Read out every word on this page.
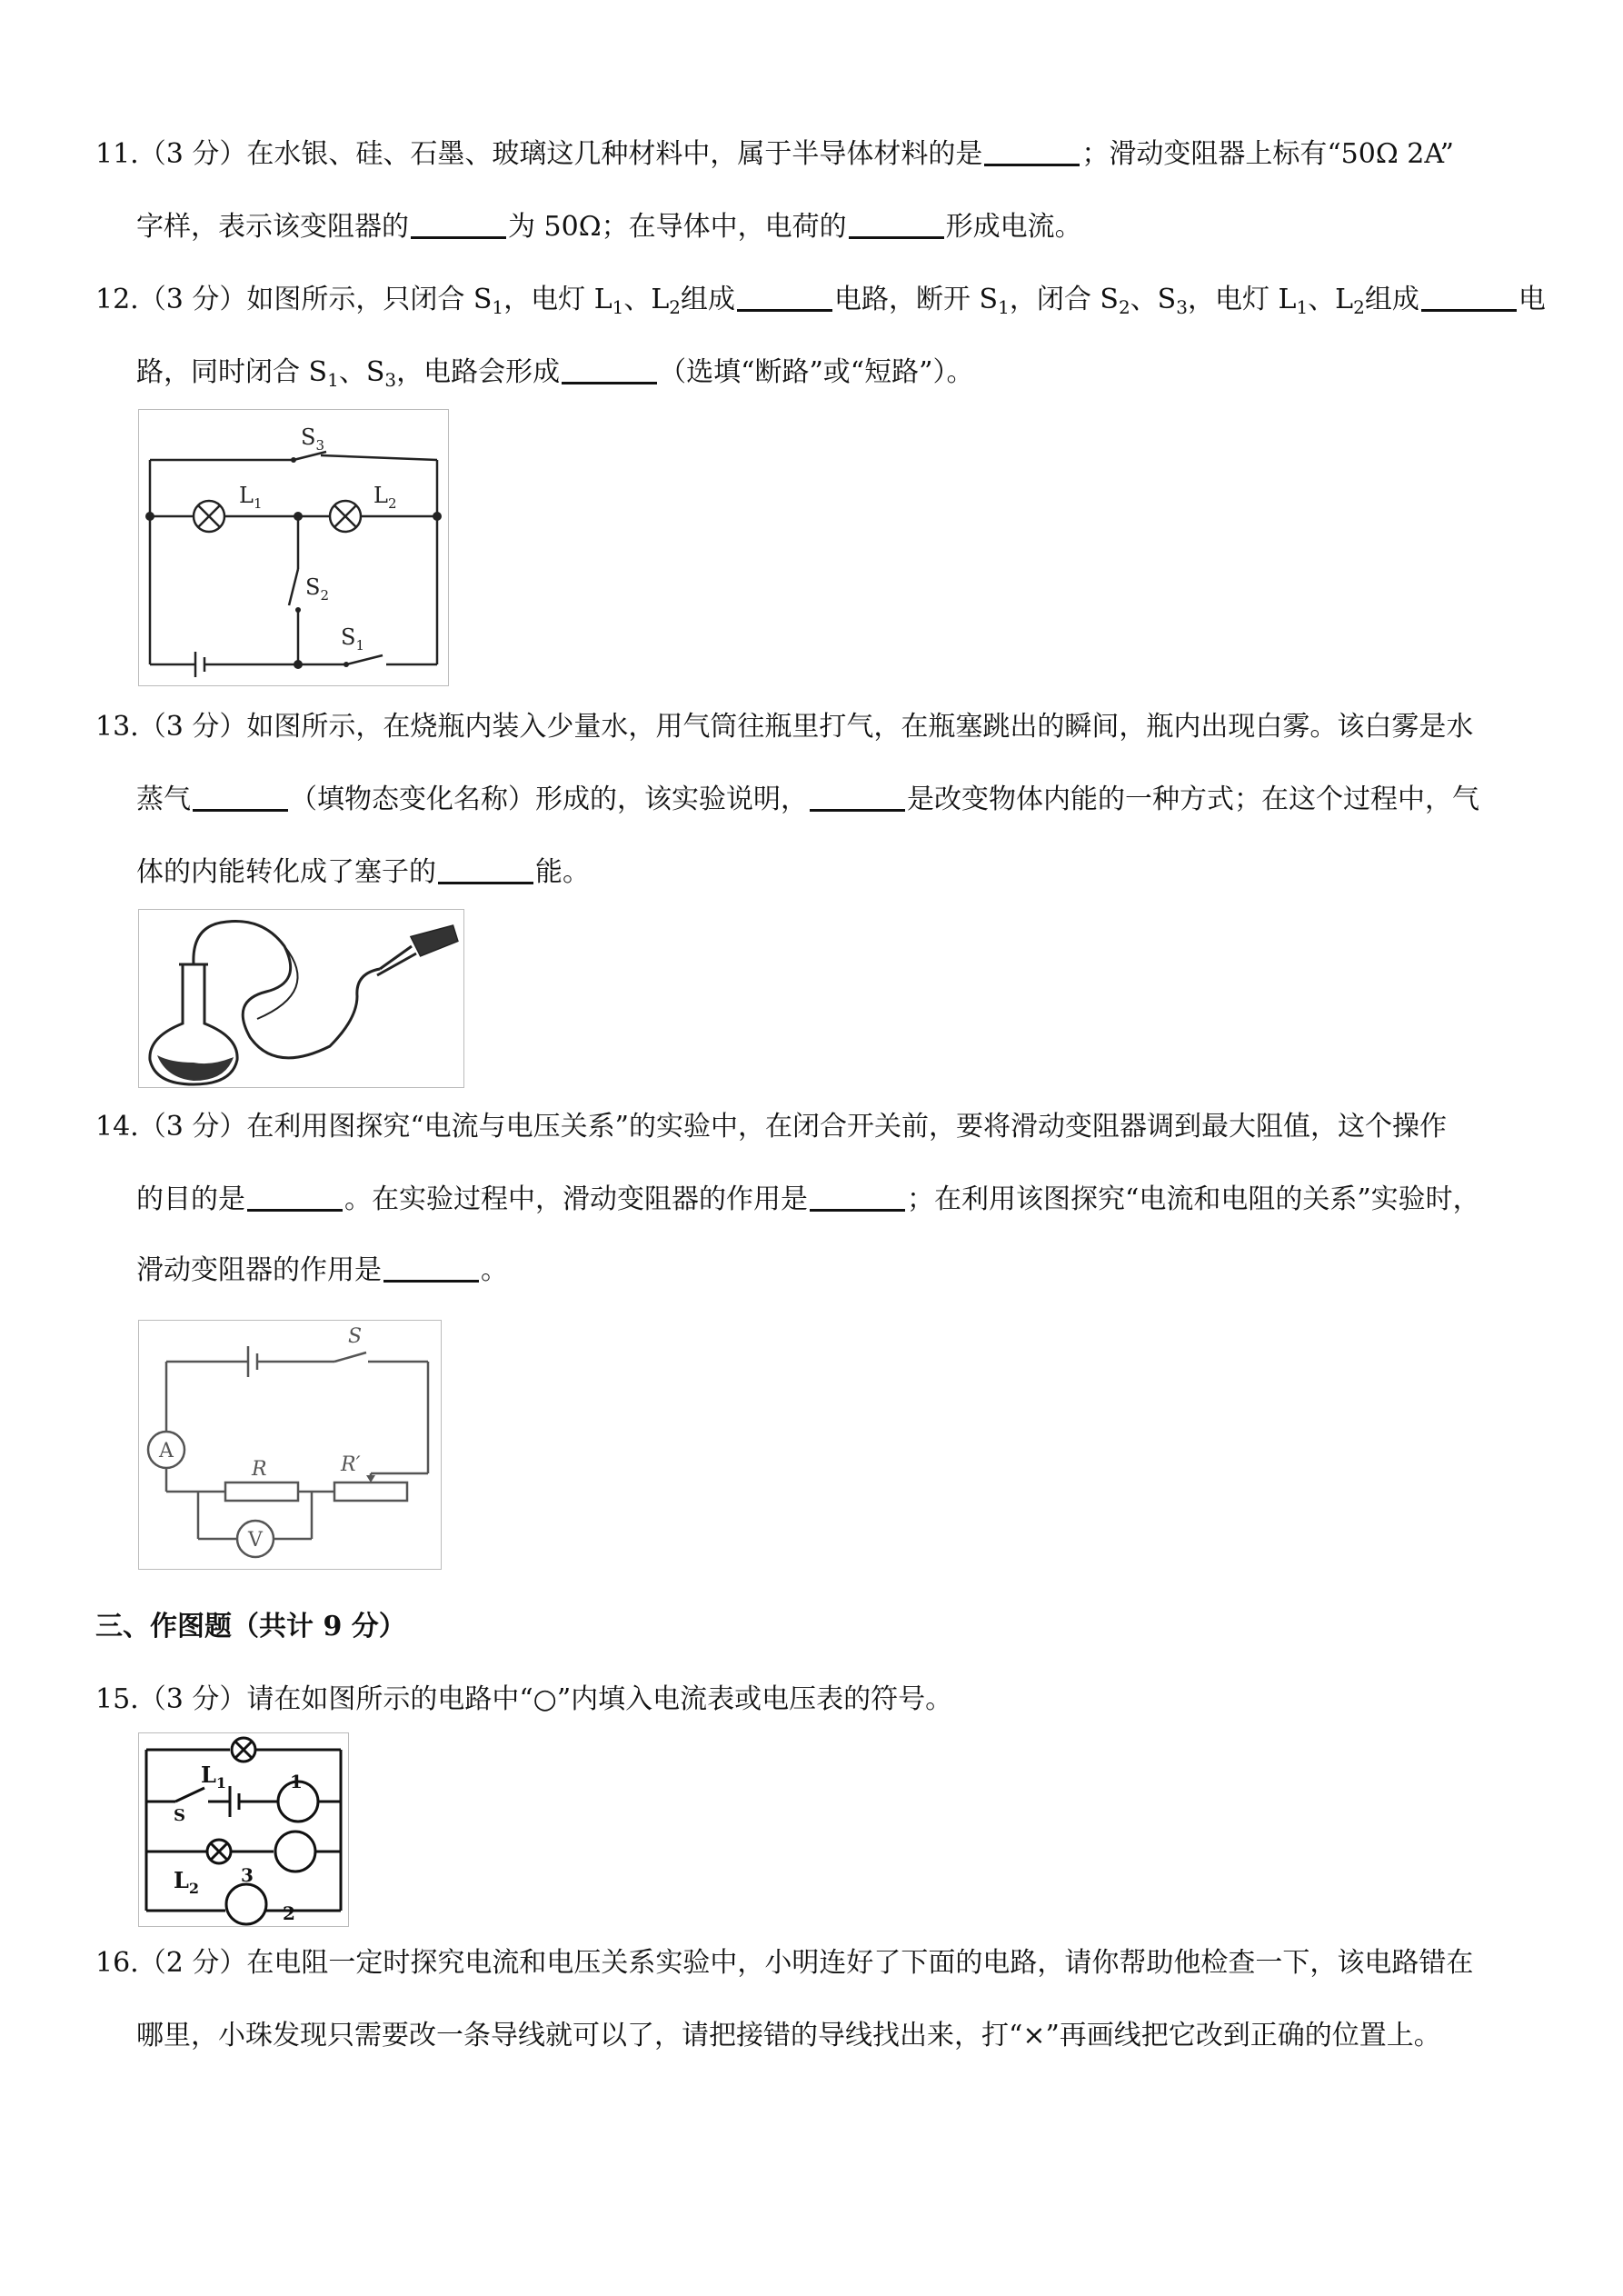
11.（3 分）在水银、硅、石墨、玻璃这几种材料中，属于半导体材料的是	；滑动变阻器上标有“50Ω 2A”
字样，表示该变阻器的	为 50Ω；在导体中，电荷的	形成电流。
12.（3 分）如图所示，只闭合 $S_1$，电灯 $L_1$、$L_2$组成	电路，断开 $S_1$，闭合 $S_2$、$S_3$，电灯 $L_1$、$L_2$组成	电
路，同时闭合 $S_1$、$S_3$，电路会形成	（选填“断路”或“短路”）。
$L_1$	$L_2$
$S_3$
$S_2$
$S_1$
13.（3 分）如图所示，在烧瓶内装入少量水，用气筒往瓶里打气，在瓶塞跳出的瞬间，瓶内出现白雾。该白雾是水
蒸气	（填物态变化名称）形成的，该实验说明，	是改变物体内能的一种方式；在这个过程中，气
体的内能转化成了塞子的	能。
14.（3 分）在利用图探究“电流与电压关系”的实验中，在闭合开关前，要将滑动变阻器调到最大阻值，这个操作
的目的是	。在实验过程中，滑动变阻器的作用是	；在利用该图探究“电流和电阻的关系”实验时，
滑动变阻器的作用是	。
S
A
V
R	R′
三、作图题（共计 9 分）
15.（3 分）请在如图所示的电路中“○”内填入电流表或电压表的符号。
$L_1$
$L_2$
S
1
3
2
16.（2 分）在电阻一定时探究电流和电压关系实验中，小明连好了下面的电路，请你帮助他检查一下，该电路错在
哪里，小珠发现只需要改一条导线就可以了，请把接错的导线找出来，打“×”再画线把它改到正确的位置上。
